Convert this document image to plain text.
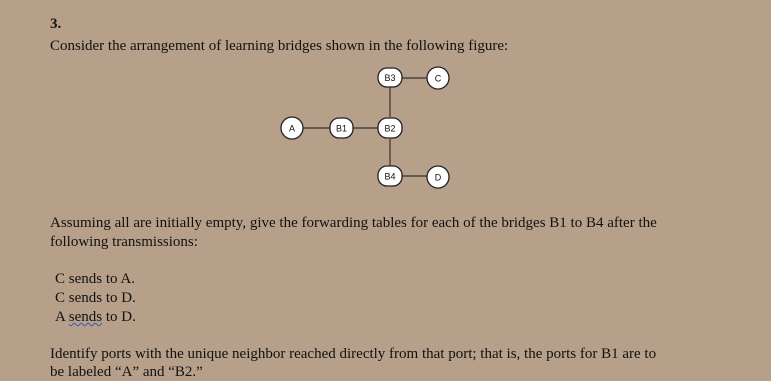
3.
Consider the arrangement of learning bridges shown in the following figure:
A
C
D
B1	B2
B3
B4
Assuming all are initially empty, give the forwarding tables for each of the bridges B1 to B4 after the
following transmissions:
C sends to A.
C sends to D.
A sends to D.
Identify ports with the unique neighbor reached directly from that port; that is, the ports for B1 are to
be labeled “A” and “B2.”
